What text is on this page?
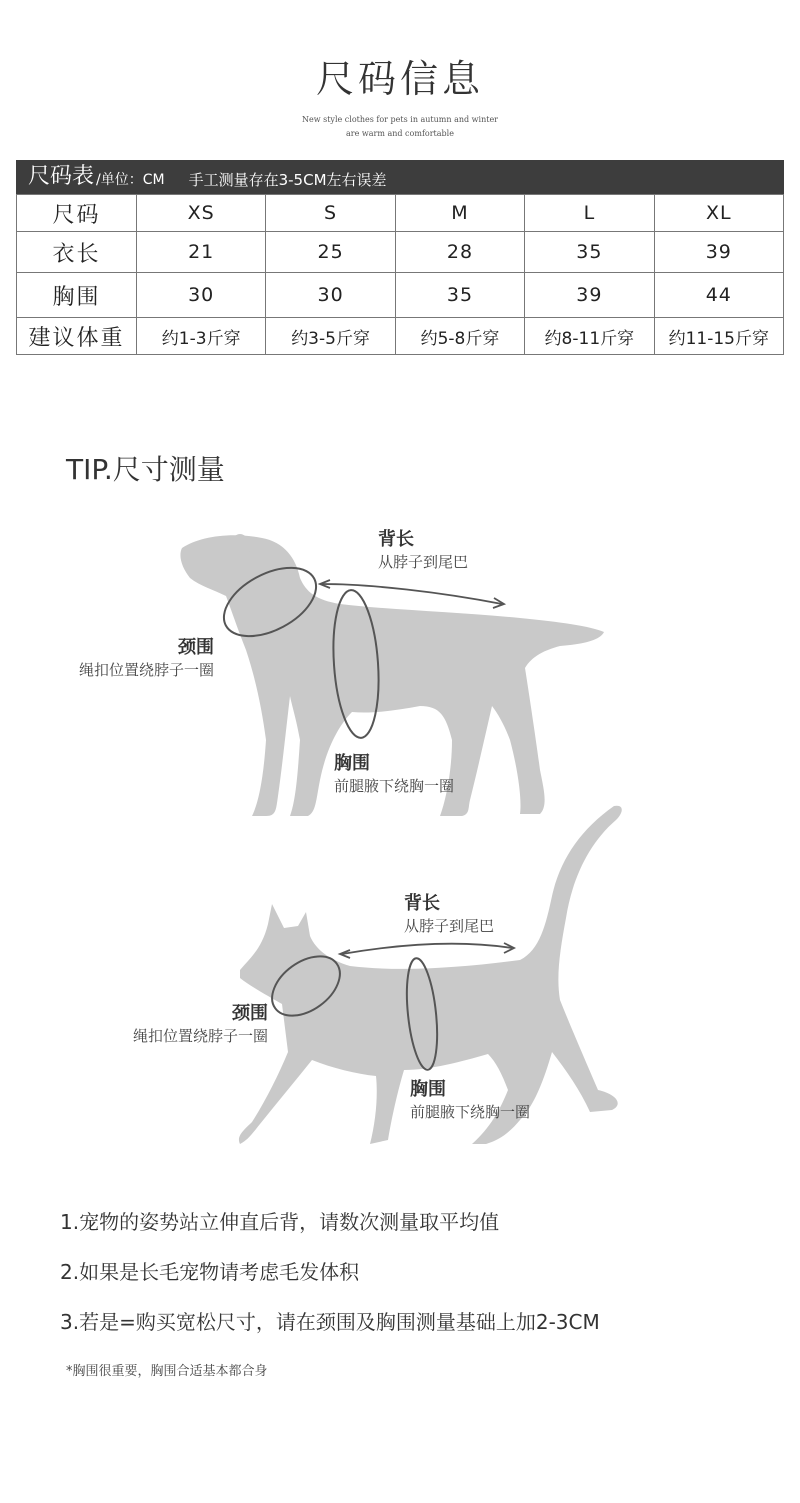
尺码信息
New style clothes for pets in autumn and winter
are warm and comfortable
尺码表 /单位：CM 手工测量存在3-5CM左右误差
尺码	XS	S	M	L	XL
衣长	21	25	28	35	39
胸围	30	30	35	39	44
建议体重	约1-3斤穿	约3-5斤穿	约5-8斤穿	约8-11斤穿	约11-15斤穿
TIP.尺寸测量
背长
从脖子到尾巴
颈围
绳扣位置绕脖子一圈
胸围
前腿腋下绕胸一圈
背长
从脖子到尾巴
颈围
绳扣位置绕脖子一圈
胸围
前腿腋下绕胸一圈
1.宠物的姿势站立伸直后背，请数次测量取平均值
2.如果是长毛宠物请考虑毛发体积
3.若是=购买宽松尺寸，请在颈围及胸围测量基础上加2-3CM
*胸围很重要，胸围合适基本都合身
